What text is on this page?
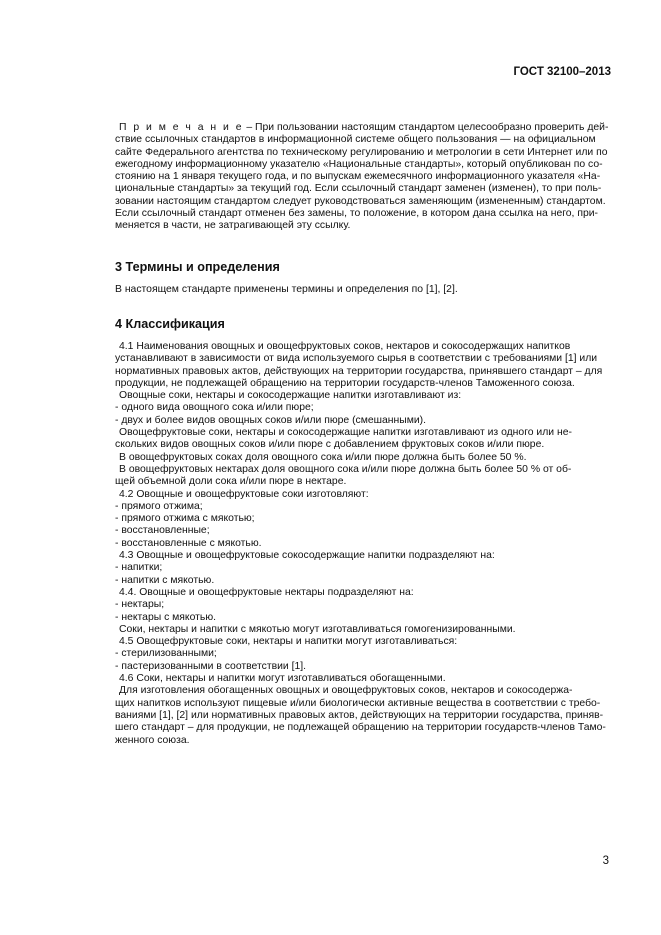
ГОСТ 32100–2013
П р и м е ч а н и е – При пользовании настоящим стандартом целесообразно проверить дей-
ствие ссылочных стандартов в информационной системе общего пользования — на официальном
сайте Федерального агентства по техническому регулированию и метрологии в сети Интернет или по
ежегодному информационному указателю «Национальные стандарты», который опубликован по со-
стоянию на 1 января текущего года, и по выпускам ежемесячного информационного указателя «На-
циональные стандарты» за текущий год. Если ссылочный стандарт заменен (изменен), то при поль-
зовании настоящим стандартом следует руководствоваться заменяющим (измененным) стандартом.
Если ссылочный стандарт отменен без замены, то положение, в котором дана ссылка на него, при-
меняется в части, не затрагивающей эту ссылку.
3 Термины и определения
В настоящем стандарте применены термины и определения по [1], [2].
4 Классификация
4.1 Наименования овощных и овощефруктовых соков, нектаров и сокосодержащих напитков
устанавливают в зависимости от вида используемого сырья в соответствии с требованиями [1] или
нормативных правовых актов, действующих на территории государства, принявшего стандарт – для
продукции, не подлежащей обращению на территории государств-членов Таможенного союза.
Овощные соки, нектары и сокосодержащие напитки изготавливают из:
- одного вида овощного сока и/или пюре;
- двух и более видов овощных соков и/или пюре (смешанными).
Овощефруктовые соки, нектары и сокосодержащие напитки изготавливают из одного или не-
скольких видов овощных соков и/или пюре с добавлением фруктовых соков и/или пюре.
В овощефруктовых соках доля овощного сока и/или пюре должна быть более 50 %.
В овощефруктовых нектарах доля овощного сока и/или пюре должна быть более 50 % от об-
щей объемной доли сока и/или пюре в нектаре.
4.2 Овощные и овощефруктовые соки изготовляют:
- прямого отжима;
- прямого отжима с мякотью;
- восстановленные;
- восстановленные с мякотью.
4.3 Овощные и овощефруктовые сокосодержащие напитки подразделяют на:
- напитки;
- напитки с мякотью.
4.4. Овощные и овощефруктовые нектары подразделяют на:
- нектары;
- нектары с мякотью.
Соки, нектары и напитки с мякотью могут изготавливаться гомогенизированными.
4.5 Овощефруктовые соки, нектары и напитки могут изготавливаться:
- стерилизованными;
- пастеризованными в соответствии [1].
4.6 Соки, нектары и напитки могут изготавливаться обогащенными.
Для изготовления обогащенных овощных и овощефруктовых соков, нектаров и сокосодержа-
щих напитков используют пищевые и/или биологически активные вещества в соответствии с требо-
ваниями [1], [2] или нормативных правовых актов, действующих на территории государства, приняв-
шего стандарт – для продукции, не подлежащей обращению на территории государств-членов Тамо-
женного союза.
3
